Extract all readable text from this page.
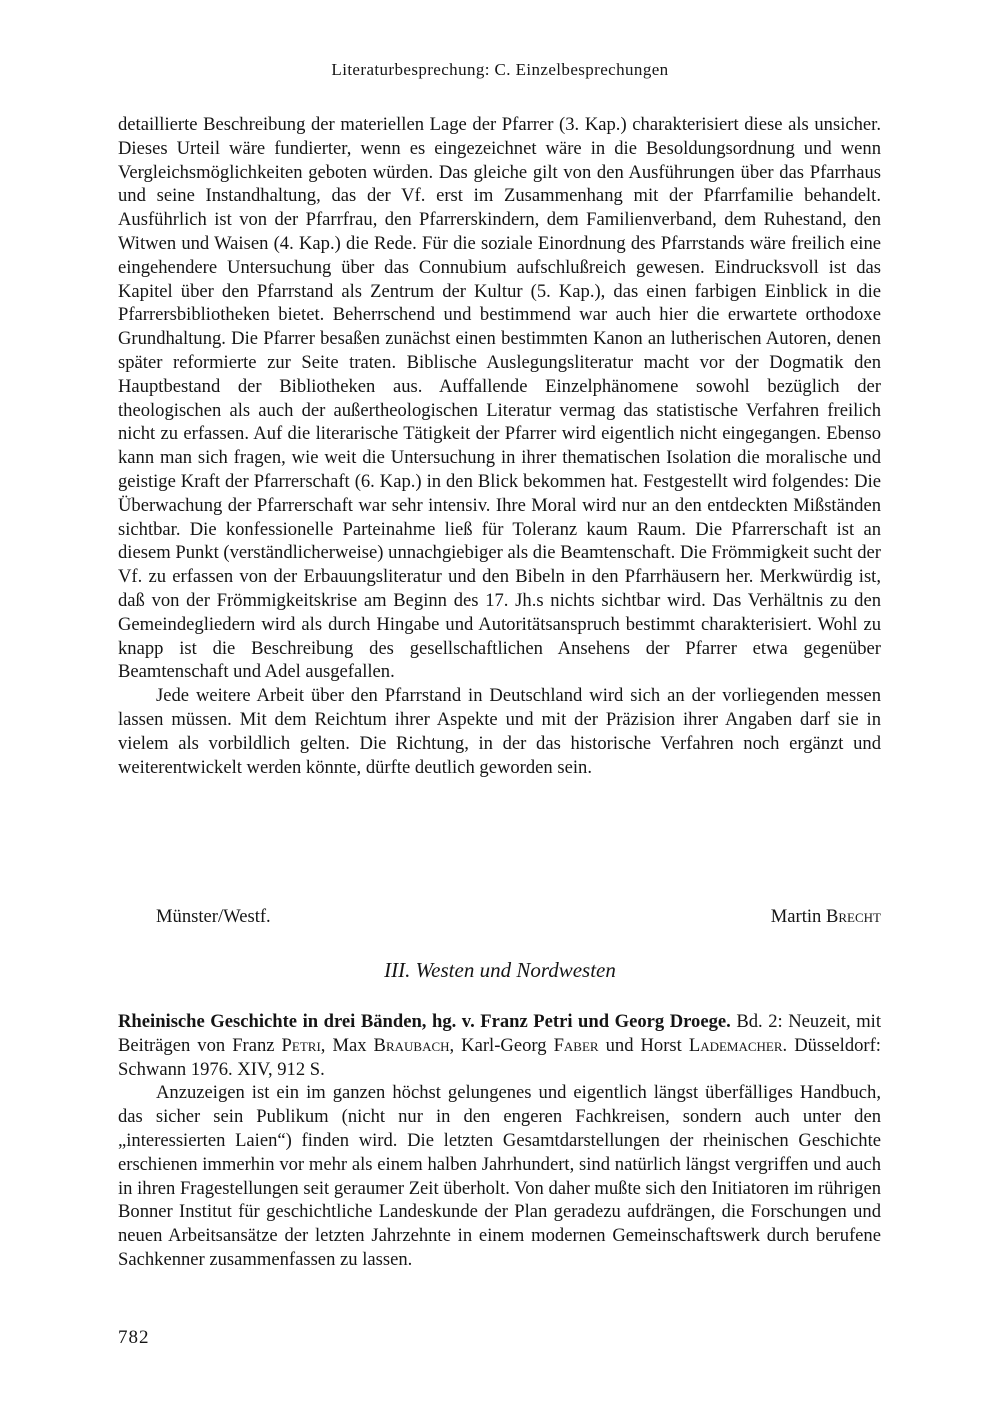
Literaturbesprechung: C. Einzelbesprechungen

detaillierte Beschreibung der materiellen Lage der Pfarrer (3. Kap.) charakterisiert diese als unsicher. Dieses Urteil wäre fundierter, wenn es eingezeichnet wäre in die Besoldungsordnung und wenn Vergleichsmöglichkeiten geboten würden. Das gleiche gilt von den Ausführungen über das Pfarrhaus und seine Instandhaltung, das der Vf. erst im Zusammenhang mit der Pfarrfamilie behandelt. Ausführlich ist von der Pfarrfrau, den Pfarrerskindern, dem Familienverband, dem Ruhestand, den Witwen und Waisen (4. Kap.) die Rede. Für die soziale Einordnung des Pfarrstands wäre freilich eine eingehendere Untersuchung über das Connubium aufschlußreich gewesen. Eindrucksvoll ist das Kapitel über den Pfarrstand als Zentrum der Kultur (5. Kap.), das einen farbigen Einblick in die Pfarrersbibliotheken bietet. Beherrschend und bestimmend war auch hier die erwartete orthodoxe Grundhaltung. Die Pfarrer besaßen zunächst einen bestimmten Kanon an lutherischen Autoren, denen später reformierte zur Seite traten. Biblische Auslegungsliteratur macht vor der Dogmatik den Hauptbestand der Bibliotheken aus. Auffallende Einzelphänomene sowohl bezüglich der theologischen als auch der außertheologischen Literatur vermag das statistische Verfahren freilich nicht zu erfassen. Auf die literarische Tätigkeit der Pfarrer wird eigentlich nicht eingegangen. Ebenso kann man sich fragen, wie weit die Untersuchung in ihrer thematischen Isolation die moralische und geistige Kraft der Pfarrerschaft (6. Kap.) in den Blick bekommen hat. Festgestellt wird folgendes: Die Überwachung der Pfarrerschaft war sehr intensiv. Ihre Moral wird nur an den entdeckten Mißständen sichtbar. Die konfessionelle Parteinahme ließ für Toleranz kaum Raum. Die Pfarrerschaft ist an diesem Punkt (verständlicherweise) unnachgiebiger als die Beamtenschaft. Die Frömmigkeit sucht der Vf. zu erfassen von der Erbauungsliteratur und den Bibeln in den Pfarrhäusern her. Merkwürdig ist, daß von der Frömmigkeitskrise am Beginn des 17. Jh.s nichts sichtbar wird. Das Verhältnis zu den Gemeindegliedern wird als durch Hingabe und Autoritätsanspruch bestimmt charakterisiert. Wohl zu knapp ist die Beschreibung des gesellschaftlichen Ansehens der Pfarrer etwa gegenüber Beamtenschaft und Adel ausgefallen.

Jede weitere Arbeit über den Pfarrstand in Deutschland wird sich an der vorliegenden messen lassen müssen. Mit dem Reichtum ihrer Aspekte und mit der Präzision ihrer Angaben darf sie in vielem als vorbildlich gelten. Die Richtung, in der das historische Verfahren noch ergänzt und weiterentwickelt werden könnte, dürfte deutlich geworden sein.

Münster/Westf.	Martin Brecht
III. Westen und Nordwesten

Rheinische Geschichte in drei Bänden, hg. v. Franz Petri und Georg Droege. Bd. 2: Neuzeit, mit Beiträgen von Franz Petri, Max Braubach, Karl-Georg Faber und Horst Lademacher. Düsseldorf: Schwann 1976. XIV, 912 S.

Anzuzeigen ist ein im ganzen höchst gelungenes und eigentlich längst überfälliges Handbuch, das sicher sein Publikum (nicht nur in den engeren Fachkreisen, sondern auch unter den „interessierten Laien“) finden wird. Die letzten Gesamtdarstellungen der rheinischen Geschichte erschienen immerhin vor mehr als einem halben Jahrhundert, sind natürlich längst vergriffen und auch in ihren Fragestellungen seit geraumer Zeit überholt. Von daher mußte sich den Initiatoren im rührigen Bonner Institut für geschichtliche Landeskunde der Plan geradezu aufdrängen, die Forschungen und neuen Arbeitsansätze der letzten Jahrzehnte in einem modernen Gemeinschaftswerk durch berufene Sachkenner zusammenfassen zu lassen.

782
